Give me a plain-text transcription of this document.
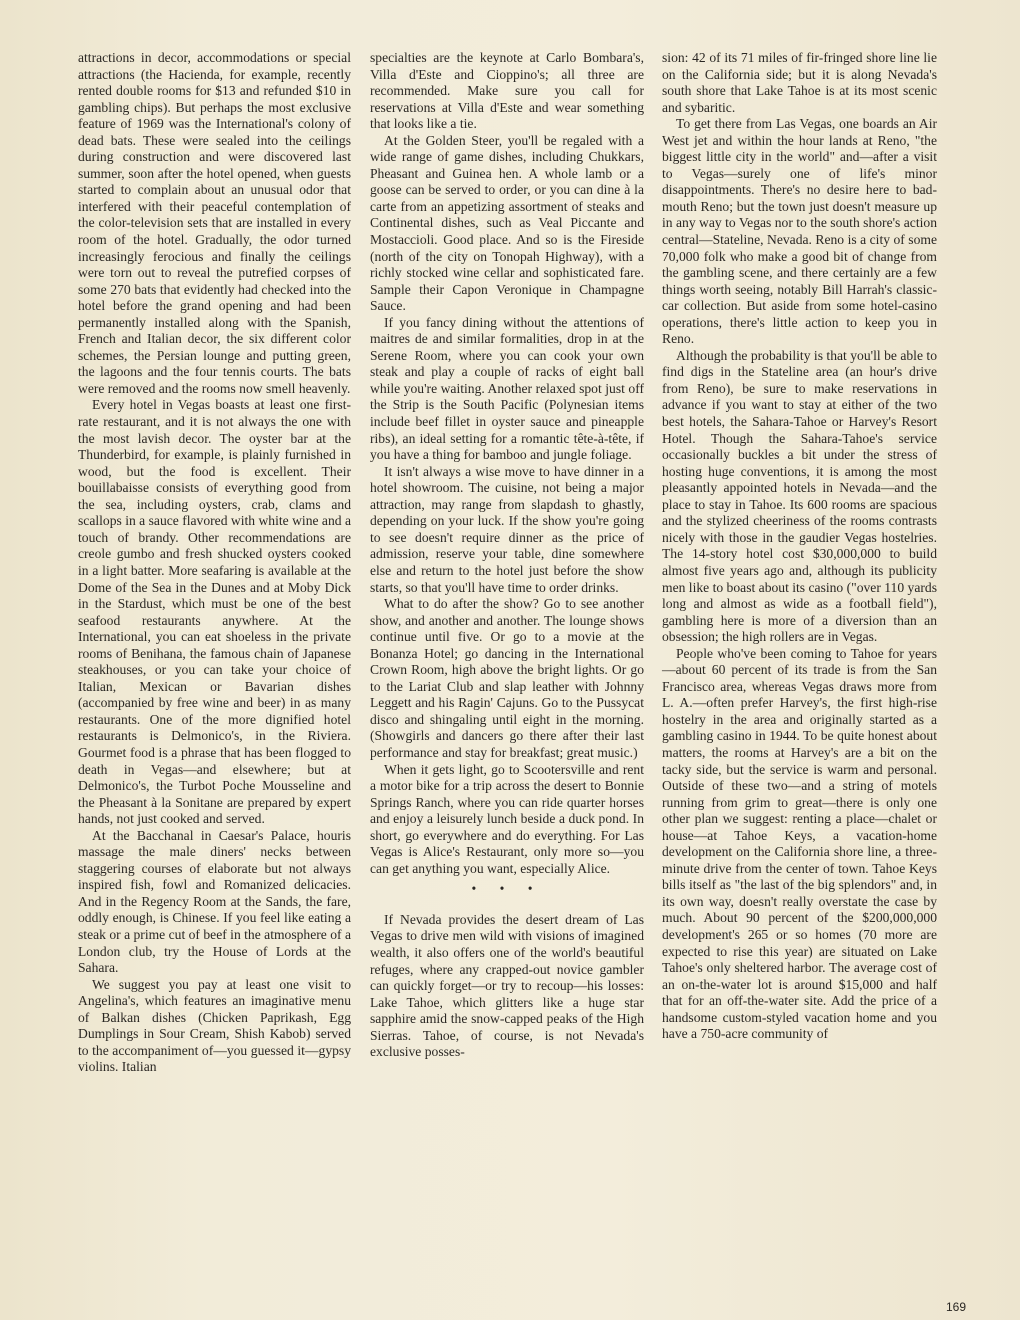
attractions in decor, accommodations or special attractions (the Hacienda, for example, recently rented double rooms for $13 and refunded $10 in gambling chips). But perhaps the most exclusive feature of 1969 was the International's colony of dead bats. These were sealed into the ceilings during construction and were discovered last summer, soon after the hotel opened, when guests started to complain about an unusual odor that interfered with their peaceful contemplation of the color-television sets that are installed in every room of the hotel. Gradually, the odor turned increasingly ferocious and finally the ceilings were torn out to reveal the putrefied corpses of some 270 bats that evidently had checked into the hotel before the grand opening and had been permanently installed along with the Spanish, French and Italian decor, the six different color schemes, the Persian lounge and putting green, the lagoons and the four tennis courts. The bats were removed and the rooms now smell heavenly.

Every hotel in Vegas boasts at least one first-rate restaurant, and it is not always the one with the most lavish decor. The oyster bar at the Thunderbird, for example, is plainly furnished in wood, but the food is excellent. Their bouillabaisse consists of everything good from the sea, including oysters, crab, clams and scallops in a sauce flavored with white wine and a touch of brandy. Other recommendations are creole gumbo and fresh shucked oysters cooked in a light batter. More seafaring is available at the Dome of the Sea in the Dunes and at Moby Dick in the Stardust, which must be one of the best seafood restaurants anywhere. At the International, you can eat shoeless in the private rooms of Benihana, the famous chain of Japanese steakhouses, or you can take your choice of Italian, Mexican or Bavarian dishes (accompanied by free wine and beer) in as many restaurants. One of the more dignified hotel restaurants is Delmonico's, in the Riviera. Gourmet food is a phrase that has been flogged to death in Vegas—and elsewhere; but at Delmonico's, the Turbot Poche Mousseline and the Pheasant à la Sonitane are prepared by expert hands, not just cooked and served.

At the Bacchanal in Caesar's Palace, houris massage the male diners' necks between staggering courses of elaborate but not always inspired fish, fowl and Romanized delicacies. And in the Regency Room at the Sands, the fare, oddly enough, is Chinese. If you feel like eating a steak or a prime cut of beef in the atmosphere of a London club, try the House of Lords at the Sahara.

We suggest you pay at least one visit to Angelina's, which features an imaginative menu of Balkan dishes (Chicken Paprikash, Egg Dumplings in Sour Cream, Shish Kabob) served to the accompaniment of—you guessed it—gypsy violins. Italian

specialties are the keynote at Carlo Bombara's, Villa d'Este and Cioppino's; all three are recommended. Make sure you call for reservations at Villa d'Este and wear something that looks like a tie.

At the Golden Steer, you'll be regaled with a wide range of game dishes, including Chukkars, Pheasant and Guinea hen. A whole lamb or a goose can be served to order, or you can dine à la carte from an appetizing assortment of steaks and Continental dishes, such as Veal Piccante and Mostaccioli. Good place. And so is the Fireside (north of the city on Tonopah Highway), with a richly stocked wine cellar and sophisticated fare. Sample their Capon Veronique in Champagne Sauce.

If you fancy dining without the attentions of maitres de and similar formalities, drop in at the Serene Room, where you can cook your own steak and play a couple of racks of eight ball while you're waiting. Another relaxed spot just off the Strip is the South Pacific (Polynesian items include beef fillet in oyster sauce and pineapple ribs), an ideal setting for a romantic tête-à-tête, if you have a thing for bamboo and jungle foliage.

It isn't always a wise move to have dinner in a hotel showroom. The cuisine, not being a major attraction, may range from slapdash to ghastly, depending on your luck. If the show you're going to see doesn't require dinner as the price of admission, reserve your table, dine somewhere else and return to the hotel just before the show starts, so that you'll have time to order drinks.

What to do after the show? Go to see another show, and another and another. The lounge shows continue until five. Or go to a movie at the Bonanza Hotel; go dancing in the International Crown Room, high above the bright lights. Or go to the Lariat Club and slap leather with Johnny Leggett and his Ragin' Cajuns. Go to the Pussycat disco and shingaling until eight in the morning. (Showgirls and dancers go there after their last performance and stay for breakfast; great music.)

When it gets light, go to Scootersville and rent a motor bike for a trip across the desert to Bonnie Springs Ranch, where you can ride quarter horses and enjoy a leisurely lunch beside a duck pond. In short, go everywhere and do everything. For Las Vegas is Alice's Restaurant, only more so—you can get anything you want, especially Alice.

• • •

If Nevada provides the desert dream of Las Vegas to drive men wild with visions of imagined wealth, it also offers one of the world's beautiful refuges, where any crapped-out novice gambler can quickly forget—or try to recoup—his losses: Lake Tahoe, which glitters like a huge star sapphire amid the snow-capped peaks of the High Sierras. Tahoe, of course, is not Nevada's exclusive posses-

sion: 42 of its 71 miles of fir-fringed shore line lie on the California side; but it is along Nevada's south shore that Lake Tahoe is at its most scenic and sybaritic.

To get there from Las Vegas, one boards an Air West jet and within the hour lands at Reno, "the biggest little city in the world" and—after a visit to Vegas—surely one of life's minor disappointments. There's no desire here to bad-mouth Reno; but the town just doesn't measure up in any way to Vegas nor to the south shore's action central—Stateline, Nevada. Reno is a city of some 70,000 folk who make a good bit of change from the gambling scene, and there certainly are a few things worth seeing, notably Bill Harrah's classic-car collection. But aside from some hotel-casino operations, there's little action to keep you in Reno.

Although the probability is that you'll be able to find digs in the Stateline area (an hour's drive from Reno), be sure to make reservations in advance if you want to stay at either of the two best hotels, the Sahara-Tahoe or Harvey's Resort Hotel. Though the Sahara-Tahoe's service occasionally buckles a bit under the stress of hosting huge conventions, it is among the most pleasantly appointed hotels in Nevada—and the place to stay in Tahoe. Its 600 rooms are spacious and the stylized cheeriness of the rooms contrasts nicely with those in the gaudier Vegas hostelries. The 14-story hotel cost $30,000,000 to build almost five years ago and, although its publicity men like to boast about its casino ("over 110 yards long and almost as wide as a football field"), gambling here is more of a diversion than an obsession; the high rollers are in Vegas.

People who've been coming to Tahoe for years—about 60 percent of its trade is from the San Francisco area, whereas Vegas draws more from L. A.—often prefer Harvey's, the first high-rise hostelry in the area and originally started as a gambling casino in 1944. To be quite honest about matters, the rooms at Harvey's are a bit on the tacky side, but the service is warm and personal. Outside of these two—and a string of motels running from grim to great—there is only one other plan we suggest: renting a place—chalet or house—at Tahoe Keys, a vacation-home development on the California shore line, a three-minute drive from the center of town. Tahoe Keys bills itself as "the last of the big splendors" and, in its own way, doesn't really overstate the case by much. About 90 percent of the $200,000,000 development's 265 or so homes (70 more are expected to rise this year) are situated on Lake Tahoe's only sheltered harbor. The average cost of an on-the-water lot is around $15,000 and half that for an off-the-water site. Add the price of a handsome custom-styled vacation home and you have a 750-acre community of

169
